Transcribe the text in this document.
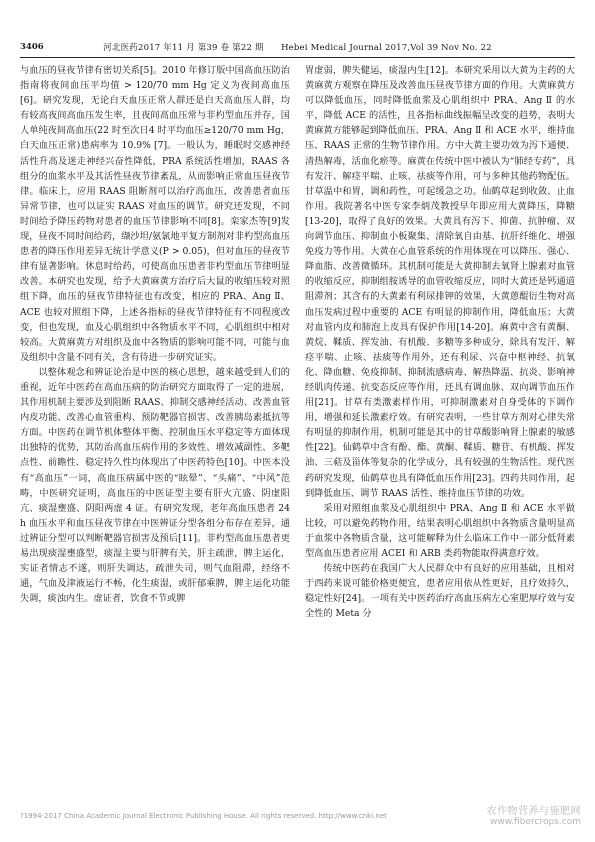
3406	河北医药2017 年11 月 第39 卷 第22 期　　Hebei Medical Journal 2017,Vol 39 Nov No. 22

与血压的昼夜节律有密切关系[5]。2010 年修订版中国高血压防治指南将夜间血压平均值 > 120/70 mm Hg 定义为夜间高血压[6]。研究发现，无论白天血压正常人群还是白天高血压人群，均有较高夜间高血压发生率，且夜间高血压常与非杓型血压并存，国人单纯夜间高血压(22 时至次日4 时平均血压≥120/70 mm Hg，白天血压正常)患病率为 10.9% [7]。一般认为，睡眠时交感神经活性升高及迷走神经兴奋性降低，PRA 系统活性增加，RAAS 各组分的血浆水平及其活性昼夜节律紊乱，从而影响正常血压昼夜节律。临床上，应用 RAAS 阻断剂可以治疗高血压，改善患者血压异常节律，也可以证实 RAAS 对血压的调节。研究还发现，不同时间给予降压药物对患者的血压节律影响不同[8]。栾家杰等[9]发现，昼夜不同时间给药，缬沙坦/氨氯地平复方制剂对非杓型高血压患者的降压作用差异无统计学意义(P > 0.05)，但对血压的昼夜节律有显著影响。休息时给药，可使高血压患者非杓型血压节律明显改善。本研究也发现，给予大黄麻黄方治疗后大鼠的收缩压较对照组下降，血压的昼夜节律特征也有改变，相应的 PRA、Ang Ⅱ、ACE 也较对照组下降，上述各指标的昼夜节律特征有不同程度改变，但也发现，血及心肌组织中各物质水平不同，心肌组织中相对较高。大黄麻黄方对组织及血中各物质的影响可能不同，可能与血及组织中含量不同有关，含有待进一步研究证实。

以整体观念和辨证论治是中医的核心思想，越来越受到人们的重视，近年中医药在高血压病的防治研究方面取得了一定的进展，其作用机制主要涉及到阻断 RAAS、抑制交感神经活动、改善血管内皮功能、改善心血管重构、预防靶器官损害、改善胰岛素抵抗等方面。中医药在调节机体整体平衡、控制血压水平稳定等方面体现出独特的优势，其防治高血压病作用的多效性、增效减副性、多靶点性、前瞻性、稳定持久性均体现出了中医药特色[10]。中医本没有“高血压”一词，高血压病属中医的“眩晕”、“头痛”、“中风”范畴，中医研究证明，高血压的中医证型主要有肝火亢盛、阴虚阳亢、痰湿壅盛、阴阳两虚 4 证。有研究发现，老年高血压患者 24 h 血压水平和血压昼夜节律在中医辨证分型各组分布存在差异，通过辨证分型可以判断靶器官损害及预后[11]。非杓型高血压患者更易出现痰湿壅盛型，痰湿主要与肝脾有关，肝主疏泄，脾主运化，实证者情志不遂，则肝失调达，疏泄失司，则气血阻滞，经络不通，气血及津液运行不畅，化生痰湿，或肝郁乘脾，脾主运化功能失调，痰浊内生。虚证者，饮食不节或脾

胃虚弱，脾失健运，痰湿内生[12]。本研究采用以大黄为主药的大黄麻黄方观察在降压及改善血压昼夜节律方面的作用。大黄麻黄方可以降低血压，同时降低血浆及心肌组织中 PRA、Ang Ⅱ 的水平，降低 ACE 的活性，且各指标曲线振幅呈改变的趋势，表明大黄麻黄方能够起到降低血压、PRA、Ang Ⅱ 和 ACE 水平，维持血压、RAAS 正常的生物节律作用。方中大黄主要功效为泻下通便、清热解毒，活血化瘀等。麻黄在传统中医中被认为“肺经专药”，具有发汗、解痉平喘、止咳、祛痰等作用，可与多种其他药物配伍。甘草温中和胃，调和药性，可起缓急之功。仙鹤草起到收敛、止血作用。我院著名中医专家李炳茂教授早年即应用大黄降压，降糖[13-20]，取得了良好的效果。大黄具有泻下、抑菌、抗肿瘤、双向调节血压、抑制血小板聚集、清除氧自由基、抗肝纤维化、增强免疫力等作用。大黄在心血管系统的作用体现在可以降压、强心、降血脂、改善微循环。其机制可能是大黄抑制去氧肾上腺素对血管的收缩反应，抑制组胺诱导的血管收缩反应，同时大黄还是钙通道阻滞剂；其含有的大黄素有利尿排钾的效果，大黄蒽醌衍生物对高血压发病过程中重要的 ACE 有明显的抑制作用，降低血压；大黄对血管内皮和肺泡上皮具有保护作用[14-20]。麻黄中含有黄酮、黄烷、鞣质、挥发油、有机酸、多糖等多种成分，除具有发汗、解痉平喘、止咳、祛痰等作用外，还有利尿、兴奋中枢神经、抗氧化、降血糖、免疫抑制、抑制流感病毒、解热降温、抗炎、影响神经肌肉传递、抗变态反应等作用，还具有调血脉、双向调节血压作用[21]。甘草有类激素样作用，可抑制激素对自身受体的下调作用，增强和延长激素疗效。有研究表明，一些甘草方剂对心律失常有明显的抑制作用，机制可能是其中的甘草酸影响肾上腺素的敏感性[22]。仙鹤草中含有酚、酯、黄酮、鞣质、糖苷、有机酸、挥发油、三萜及甾体等复杂的化学成分，具有较强的生物活性。现代医药研究发现，仙鹤草也具有降低血压作用[23]。四药共同作用，起到降低血压、调节 RAAS 活性、维持血压节律的功效。

采用对照组血浆及心肌组织中 PRA、Ang Ⅱ 和 ACE 水平做比较，可以避免药物作用，结果表明心肌组织中各物质含量明显高于血浆中各物质含量，这可能解释为什么临床工作中一部分低肾素型高血压患者应用 ACEI 和 ARB 类药物能取得满意疗效。

传统中医药在我国广大人民群众中有良好的应用基础，且相对于西药来说可能价格更便宜，患者应用依从性更好，且疗效持久，稳定性好[24]。一项有关中医药治疗高血压病左心室肥厚疗效与安全性的 Meta 分

?1994-2017 China Academic Journal Electronic Publishing House. All rights reserved. http://www.cnki.net	农作物营养与施肥网
www.fibercrops.com
